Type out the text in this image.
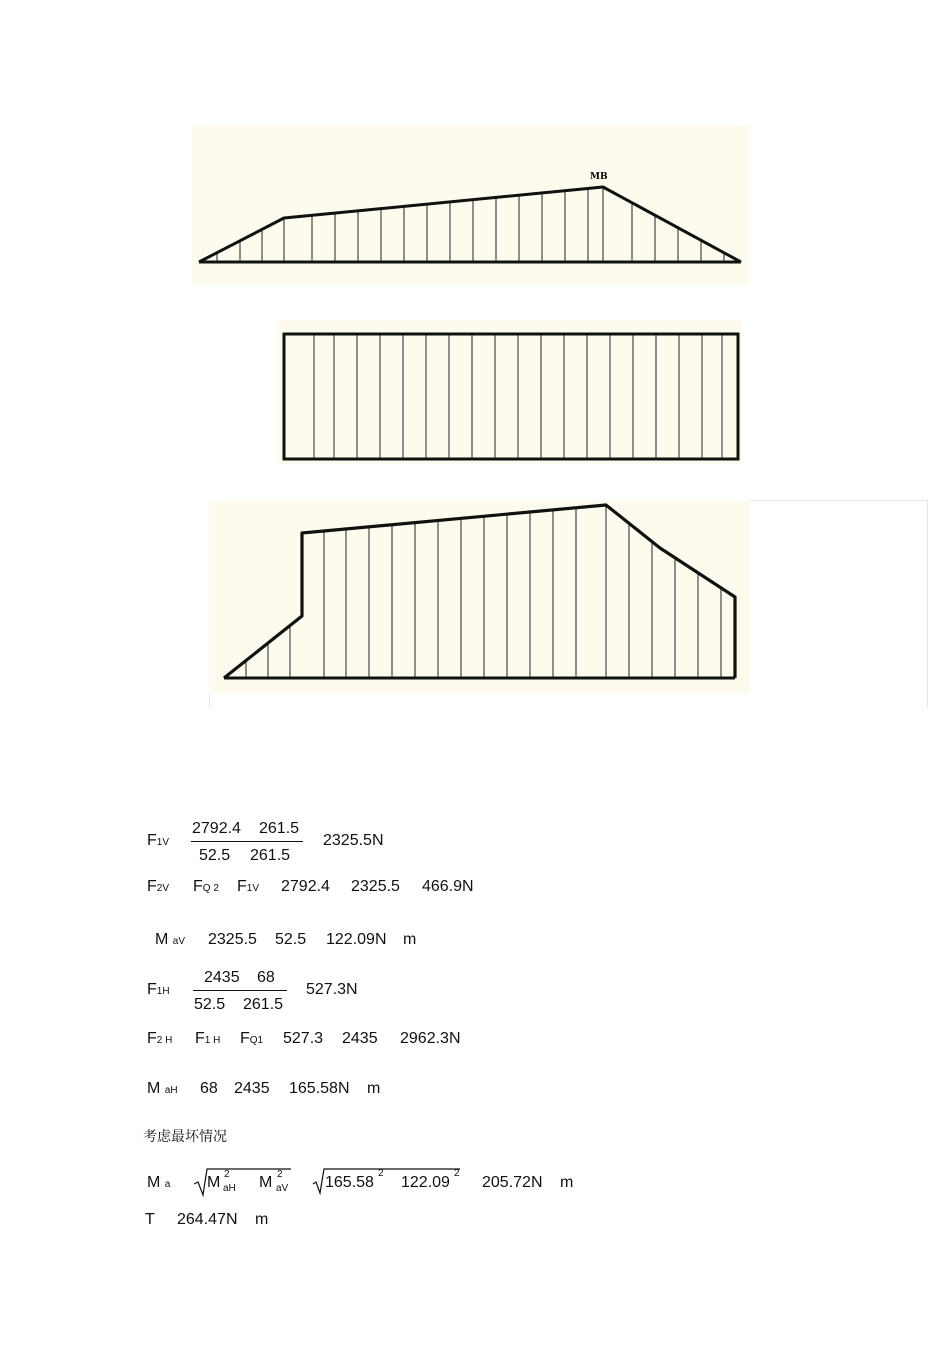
MB
F1V
2792.4 261.5
52.5 261.5
2325.5N
F2V FQ 2 F1V 2792.4 2325.5 466.9N
M aV 2325.5 52.5 122.09N m
F1H
2435 68
52.5 261.5
527.3N
F2 H F1 H FQ1 527.3 2435 2962.3N
M aH 68 2435 165.58N m
考虑最坏情况
M a M 2
aH M 2
aV 165.58
2
122.09
2
205.72N m
T 264.47N m
